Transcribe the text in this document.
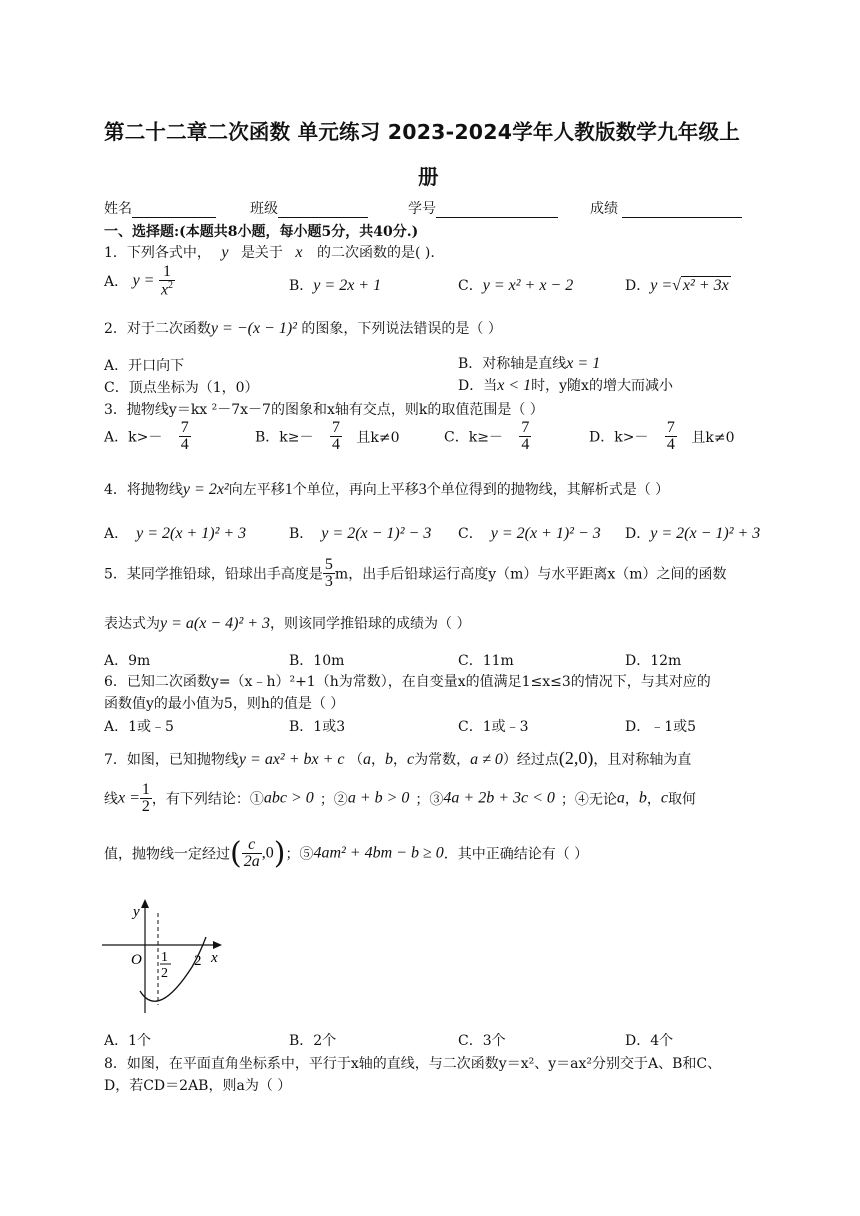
第二十二章二次函数 单元练习 2023-2024学年人教版数学九年级上
册
姓名	班级	学号	成绩
一、选择题:(本题共8小题，每小题5分，共40分.)
1．下列各式中， y 是关于 x 的二次函数的是( ).
A． $y = \frac{1}{x^2}$	B．y = 2x + 1	C．y = x² + x − 2	D．y =√ x² + 3x
2．对于二次函数y = −(x − 1)² 的图象，下列说法错误的是（ ）
A．开口向下	B．对称轴是直线x = 1
C．顶点坐标为（1，0）	D．当x < 1时，y随x的增大而减小
3．抛物线y＝kx ²－7x－7的图象和x轴有交点，则k的取值范围是（ ）
A．$k>- \frac{7}{4}$	B．$k\ge- \frac{7}{4}$ 且k≠0	C．$k\ge- \frac{7}{4}$	D．$k>- \frac{7}{4}$ 且k≠0
4．将抛物线y = 2x²向左平移1个单位，再向上平移3个单位得到的抛物线，其解析式是（ ）
A． y = 2(x + 1)² + 3	B． y = 2(x − 1)² − 3 C． y = 2(x + 1)² − 3 D．y = 2(x − 1)² + 3
5．某同学推铅球，铅球出手高度是 $\frac{5}{3}$ m，出手后铅球运行高度y（m）与水平距离x（m）之间的函数
表达式为y = a(x − 4)² + 3，则该同学推铅球的成绩为（ ）
A．9m	B．10m	C．11m	D．12m
6．已知二次函数y=（x﹣h）²+1（h为常数），在自变量x的值满足1≤x≤3的情况下，与其对应的
函数值y的最小值为5，则h的值是（ ）
A．1或﹣5	B．1或3	C．1或﹣3	D．﹣1或5
7．如图，已知抛物线y = ax² + bx + c （a，b，c为常数，a ≠ 0）经过点(2,0)，且对称轴为直
线$x = \frac{1}{2}$ ，有下列结论：①abc > 0 ；②a + b > 0 ；③4a + 2b + 3c < 0 ；④无论a，b，c取何
值，抛物线一定经过( $\frac{c}{2a} ,0$)；⑤4am² + 4bm − b ≥ 0．其中正确结论有（ ）
y
O 1
2
2 x
A．1个	B．2个	C．3个	D．4个
8．如图，在平面直角坐标系中，平行于x轴的直线，与二次函数y＝x²、y＝ax²分别交于A、B和C、
D，若CD＝2AB，则a为（ ）
